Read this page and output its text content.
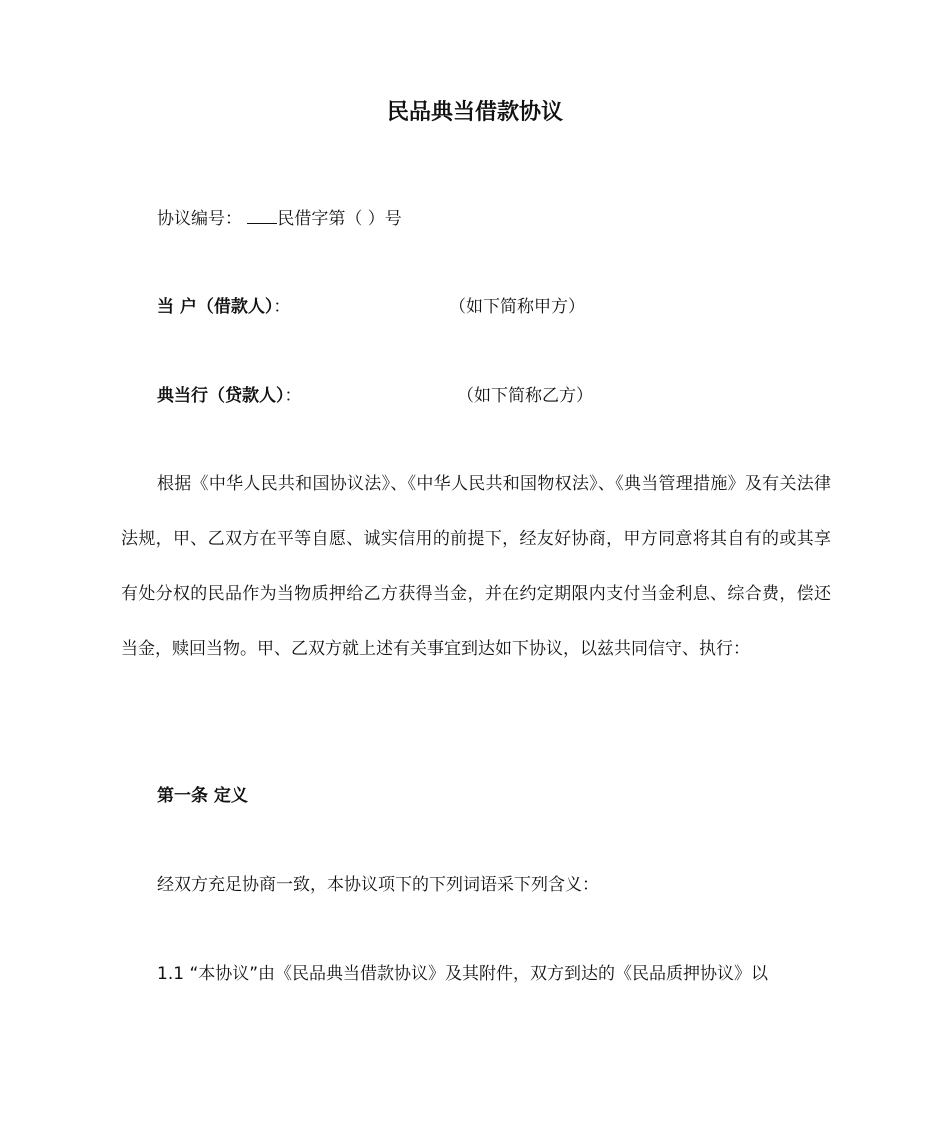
民品典当借款协议
协议编号： 民借字第（ ）号
当 户（借款人）：	（如下简称甲方）
典当行（贷款人）：	（如下简称乙方）

根据《中华人民共和国协议法》、《中华人民共和国物权法》、《典当管理措施》及有关法律法规，甲、乙双方在平等自愿、诚实信用的前提下，经友好协商，甲方同意将其自有的或其享有处分权的民品作为当物质押给乙方获得当金，并在约定期限内支付当金利息、综合费，偿还当金，赎回当物。甲、乙双方就上述有关事宜到达如下协议，以兹共同信守、执行：

第一条 定义
经双方充足协商一致，本协议项下的下列词语采下列含义：
1.1 “本协议”由《民品典当借款协议》及其附件，双方到达的《民品质押协议》以
